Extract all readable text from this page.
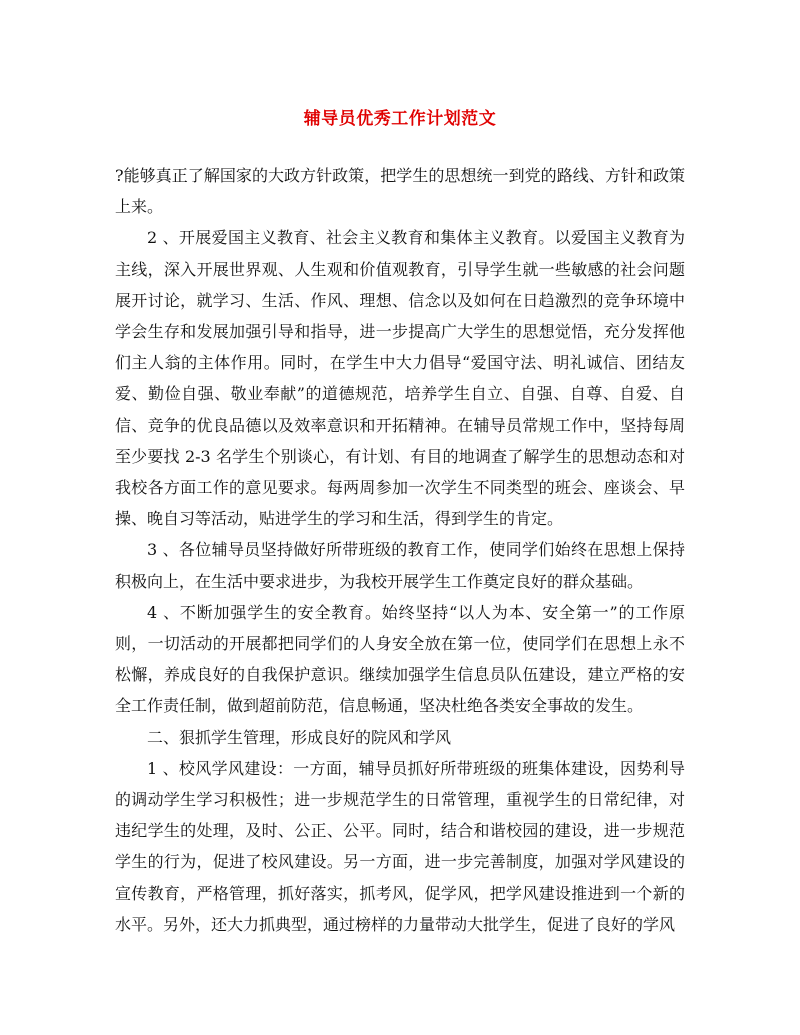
辅导员优秀工作计划范文

?能够真正了解国家的大政方针政策，把学生的思想统一到党的路线、方针和政策上来。

2 、开展爱国主义教育、社会主义教育和集体主义教育。以爱国主义教育为主线，深入开展世界观、人生观和价值观教育，引导学生就一些敏感的社会问题展开讨论，就学习、生活、作风、理想、信念以及如何在日趋激烈的竞争环境中学会生存和发展加强引导和指导，进一步提高广大学生的思想觉悟，充分发挥他们主人翁的主体作用。同时，在学生中大力倡导“爱国守法、明礼诚信、团结友爱、勤俭自强、敬业奉献”的道德规范，培养学生自立、自强、自尊、自爱、自信、竞争的优良品德以及效率意识和开拓精神。在辅导员常规工作中，坚持每周至少要找 2-3 名学生个别谈心，有计划、有目的地调查了解学生的思想动态和对我校各方面工作的意见要求。每两周参加一次学生不同类型的班会、座谈会、早操、晚自习等活动，贴进学生的学习和生活，得到学生的肯定。

3 、各位辅导员坚持做好所带班级的教育工作，使同学们始终在思想上保持积极向上，在生活中要求进步，为我校开展学生工作奠定良好的群众基础。

4 、不断加强学生的安全教育。始终坚持“以人为本、安全第一”的工作原则，一切活动的开展都把同学们的人身安全放在第一位，使同学们在思想上永不松懈，养成良好的自我保护意识。继续加强学生信息员队伍建设，建立严格的安全工作责任制，做到超前防范，信息畅通，坚决杜绝各类安全事故的发生。

二、狠抓学生管理，形成良好的院风和学风

1 、校风学风建设：一方面，辅导员抓好所带班级的班集体建设，因势利导的调动学生学习积极性；进一步规范学生的日常管理，重视学生的日常纪律，对违纪学生的处理，及时、公正、公平。同时，结合和谐校园的建设，进一步规范学生的行为，促进了校风建设。另一方面，进一步完善制度，加强对学风建设的宣传教育，严格管理，抓好落实，抓考风，促学风，把学风建设推进到一个新的水平。另外，还大力抓典型，通过榜样的力量带动大批学生，促进了良好的学风
